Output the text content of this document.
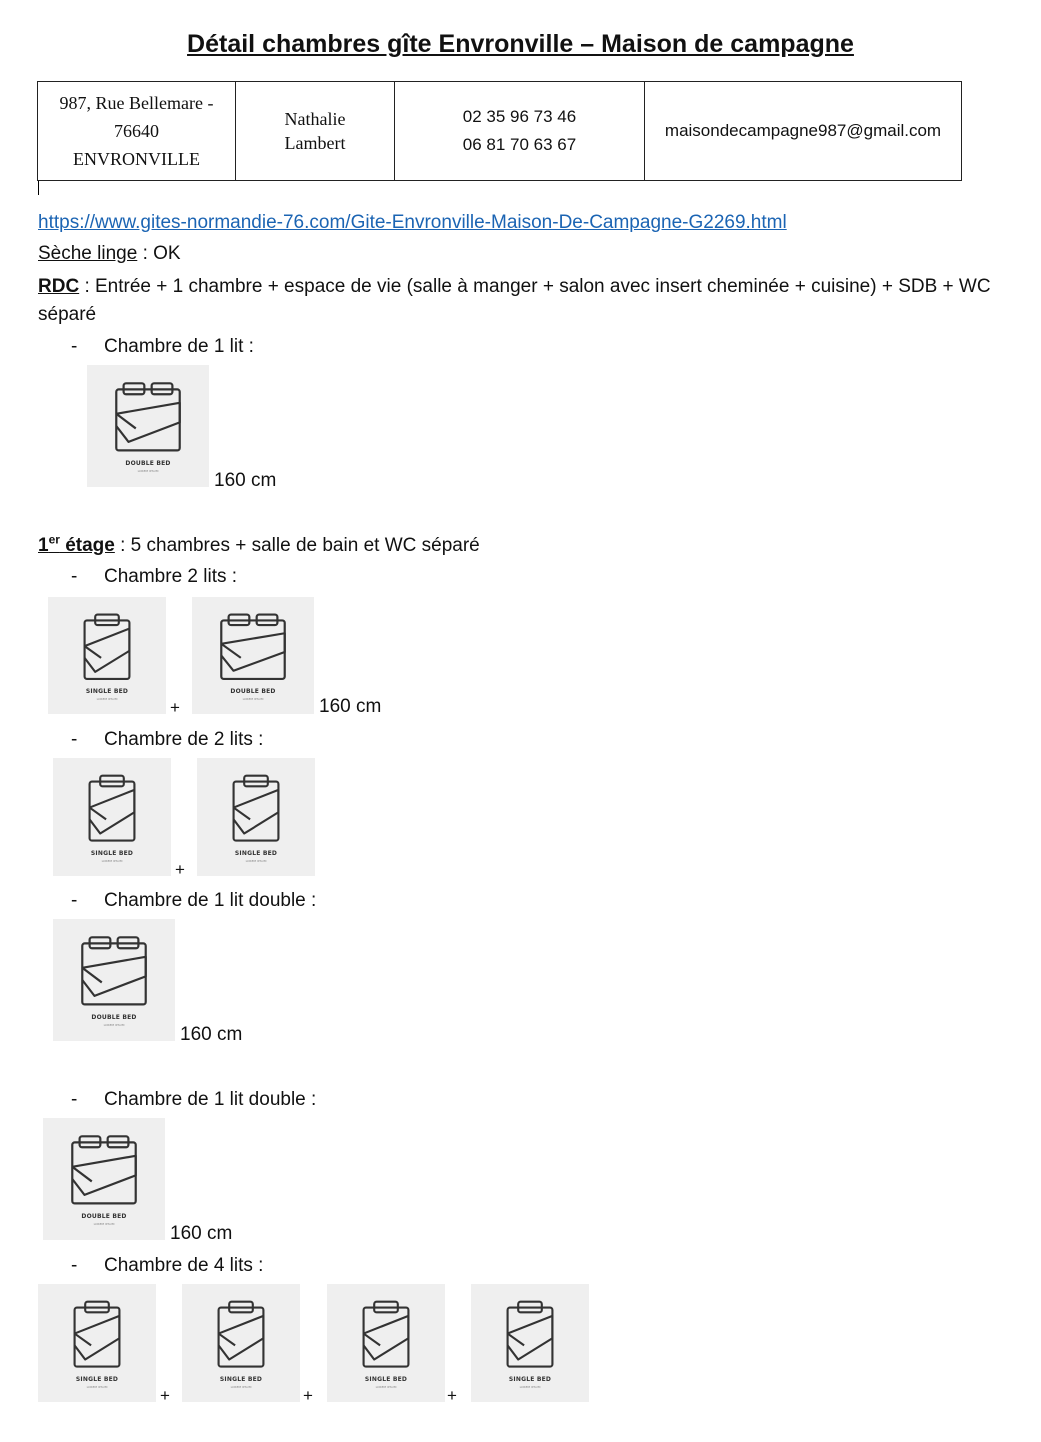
Détail chambres gîte Envronville – Maison de campagne
987, Rue Bellemare -
76640
ENVRONVILLE

Nathalie
Lambert

02 35 96 73 46
06 81 70 63 67

maisondecampagne987@gmail.com
https://www.gites-normandie-76.com/Gite-Envronville-Maison-De-Campagne-G2269.html
Sèche linge : OK
RDC : Entrée + 1 chambre + espace de vie (salle à manger + salon avec insert cheminée + cuisine) + SDB + WC séparé
- Chambre de 1 lit :
DOUBLE BED
LOREM IPSUM	160 cm
1er étage : 5 chambres + salle de bain et WC séparé
- Chambre 2 lits :
SINGLE BED
LOREM IPSUM	+
DOUBLE BED
LOREM IPSUM	160 cm
- Chambre de 2 lits :
SINGLE BED
LOREM IPSUM	+
SINGLE BED
LOREM IPSUM
- Chambre de 1 lit double :
DOUBLE BED
LOREM IPSUM	160 cm
- Chambre de 1 lit double :
DOUBLE BED
LOREM IPSUM	160 cm
- Chambre de 4 lits :
SINGLE BED
LOREM IPSUM	+
SINGLE BED
LOREM IPSUM	+
SINGLE BED
LOREM IPSUM	+
SINGLE BED
LOREM IPSUM
